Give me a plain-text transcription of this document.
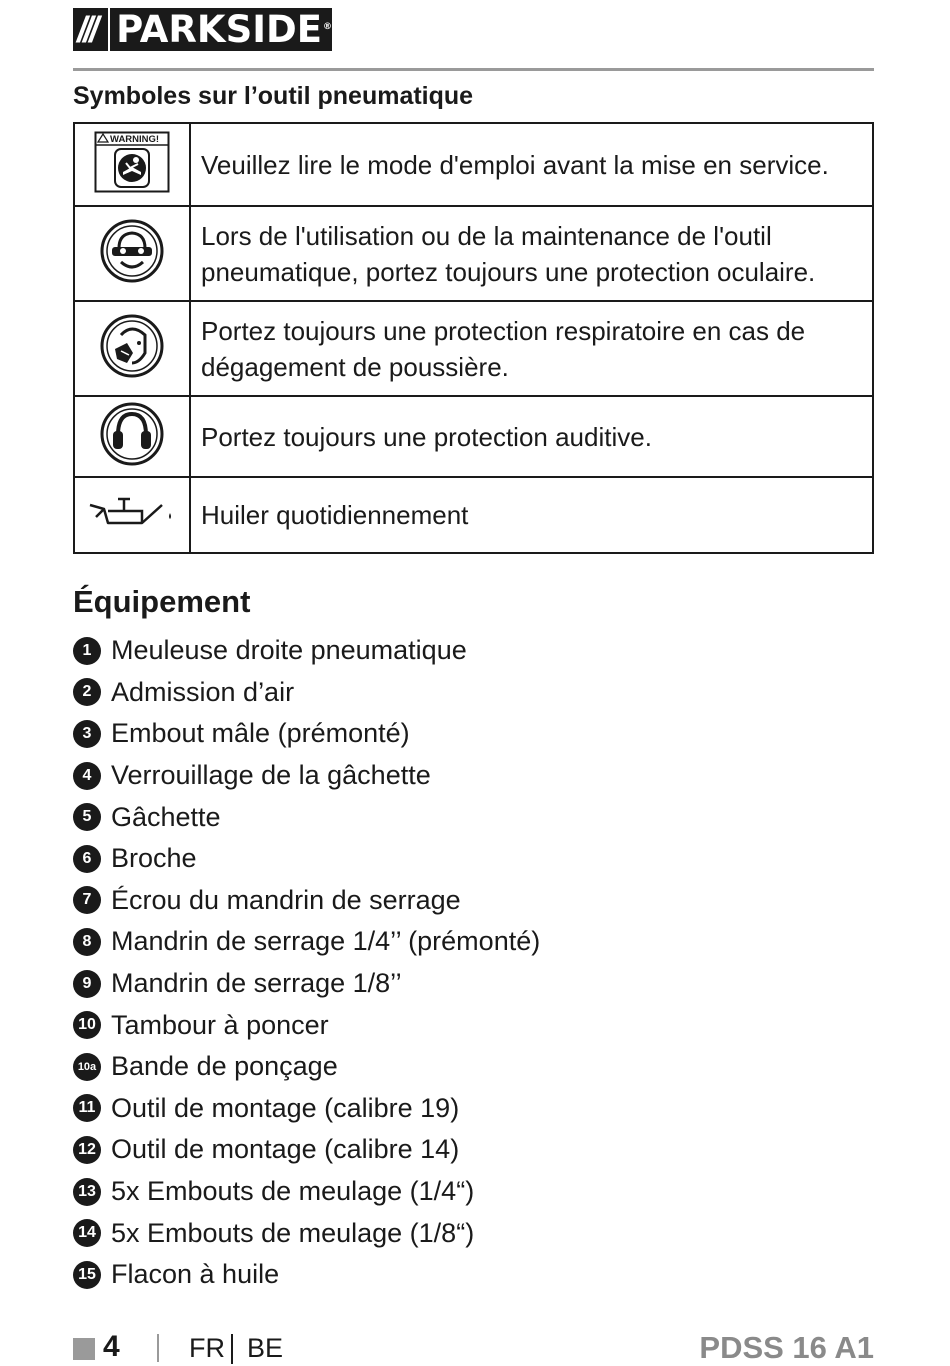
/// PARKSIDE®
Symboles sur l’outil pneumatique
WARNING!	Veuillez lire le mode d'emploi avant la mise en service.
	Lors de l'utilisation ou de la maintenance de l'outil pneumatique, portez toujours une protection oculaire.
	Portez toujours une protection respiratoire en cas de dégagement de poussière.
	Portez toujours une protection auditive.
	Huiler quotidiennement
Équipement
1 Meuleuse droite pneumatique
2 Admission d’air
3 Embout mâle (prémonté)
4 Verrouillage de la gâchette
5 Gâchette
6 Broche
7 Écrou du mandrin de serrage
8 Mandrin de serrage 1/4’’ (prémonté)
9 Mandrin de serrage 1/8’’
10 Tambour à poncer
10a Bande de ponçage
11 Outil de montage (calibre 19)
12 Outil de montage (calibre 14)
13 5x Embouts de meulage (1/4“)
14 5x Embouts de meulage (1/8“)
15 Flacon à huile
4	FR BE	PDSS 16 A1
